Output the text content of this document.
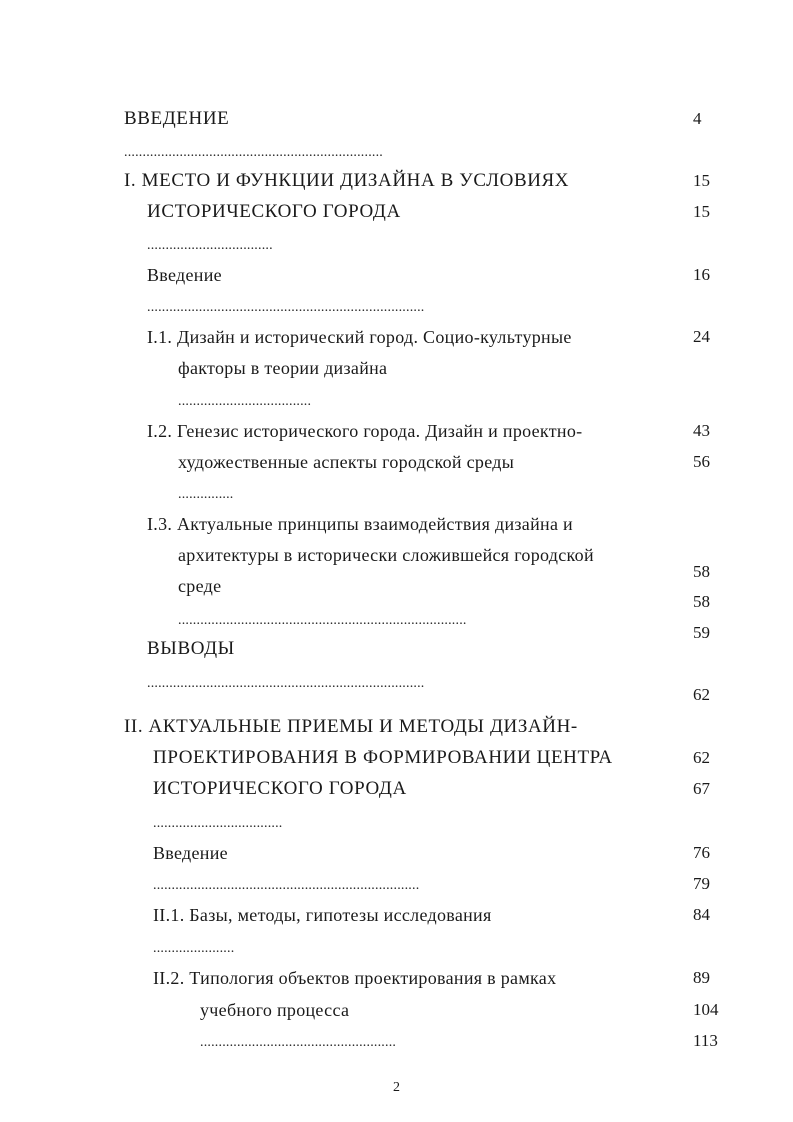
ВВЕДЕНИЕ
......................................................................
I. МЕСТО И ФУНКЦИИ ДИЗАЙНА В УСЛОВИЯХ
ИСТОРИЧЕСКОГО ГОРОДА
..................................
Введение
...........................................................................
I.1. Дизайн и исторический город. Социо-культурные
факторы в теории дизайна
....................................
I.2. Генезис исторического города. Дизайн и проектно-
художественные аспекты городской среды
...............
I.3. Актуальные принципы взаимодействия дизайна и
архитектуры в исторически сложившейся городской
среде
..............................................................................
ВЫВОДЫ
...........................................................................
II. АКТУАЛЬНЫЕ ПРИЕМЫ И МЕТОДЫ ДИЗАЙН-
ПРОЕКТИРОВАНИЯ В ФОРМИРОВАНИИ ЦЕНТРА
ИСТОРИЧЕСКОГО ГОРОДА
...................................
Введение
........................................................................
II.1. Базы, методы, гипотезы исследования
......................
II.2. Типология объектов проектирования в рамках
учебного процесса
.....................................................
4
15
15
16
24
43
56
58
58
59
62
62
67
76
79
84
89
104
113
2
